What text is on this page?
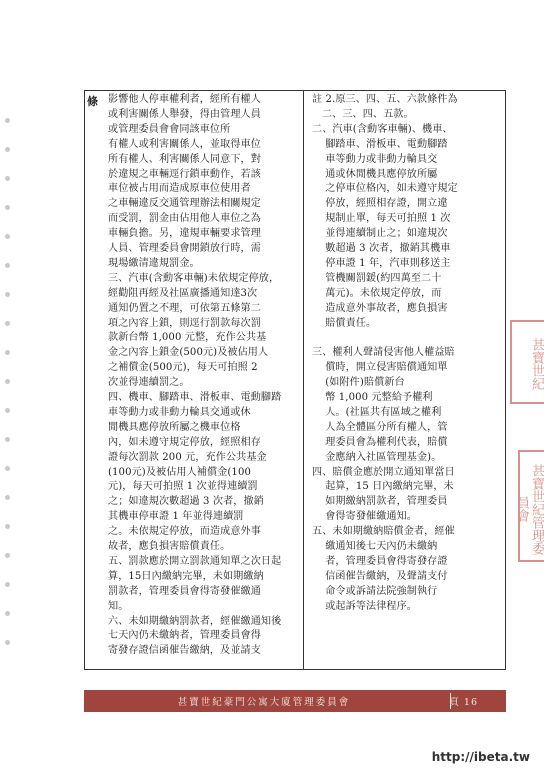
條 影響他人停車權利者，經所有權人
或利害關係人舉發，得由管理人員
或管理委員會會同該車位所
有權人或利害關係人，並取得車位
所有權人、利害關係人同意下，對
於違規之車輛逕行鎖車動作，若該
車位被占用而造成原車位使用者
之車輛違反交通管理辦法相關規定
而受罰，罰金由佔用他人車位之為
車輛負擔。另，違規車輛要求管理
人員、管理委員會開鎖放行時，需
現場繳清違規罰金。
三、汽車(含動客車輛)未依規定停放，
經勸阻再經及社區廣播通知達3次
通知仍置之不理，可依第五條第二
項之內容上鎖，則逕行罰款每次罰
款新台幣 1,000 元整，充作公共基
金之內容上鎖金(500元)及被佔用人
之補償金(500元)，每天可拍照 2
次並得連續罰之。
四、機車、腳踏車、滑板車、電動腳踏
車等動力或非動力輪具交通或休
閒機具應停放所屬之機車位格
內，如未遵守規定停放，經照相存
證每次罰款 200 元，充作公共基金
(100元)及被佔用人補償金(100
元)，每天可拍照 1 次並得連續罰
之；如違規次數超過 3 次者，撤銷
其機車停車證 1 年並得連續罰
之。未依規定停放，而造成意外事
故者，應負損害賠償責任。
五、罰款應於開立罰款通知單之次日起
算，15日內繳納完畢，未如期繳納
罰款者，管理委員會得寄發催繳通
知。
六、未如期繳納罰款者，經催繳通知後
七天內仍未繳納者，管理委員會得
寄發存證信函催告繳納，及並請支
註 2.原三、四、五、六款條件為
二、三、四、五款。
二、汽車(含動客車輛)、機車、
腳踏車、滑板車、電動腳踏
車等動力或非動力輪具交
通或休閒機具應停放所屬
之停車位格內，如未遵守規定
停放，經照相存證，開立違
規制止單，每天可拍照 1 次
並得連續制止之；如違規次
數超過 3 次者，撤銷其機車
停車證 1 年，汽車則移送主
管機關罰鍰(約四萬至二十
萬元)。未依規定停放，而
造成意外事故者，應負損害
賠償責任。
三、權利人聲請侵害他人權益賠
償時，開立侵害賠償通知單
(如附件)賠償新台
幣 1,000 元整給予權利
人。(社區共有區域之權利
人為全體區分所有權人，管
理委員會為權利代表，賠償
金應納入社區管理基金)。
四、賠償金應於開立通知單當日
起算，15 日內繳納完畢，未
如期繳納罰款者，管理委員
會得寄發催繳通知。
五、未如期繳納賠償金者，經催
繳通知後七天內仍未繳納
者，管理委員會得寄發存證
信函催告繳納，及聲請支付
命令或訴請法院強制執行
或起訴等法律程序。
甚寶世紀豪門公寓大廈管理委員會	頁 16
甚寶世紀
甚寶世紀管理委員會
http://ibeta.tw
